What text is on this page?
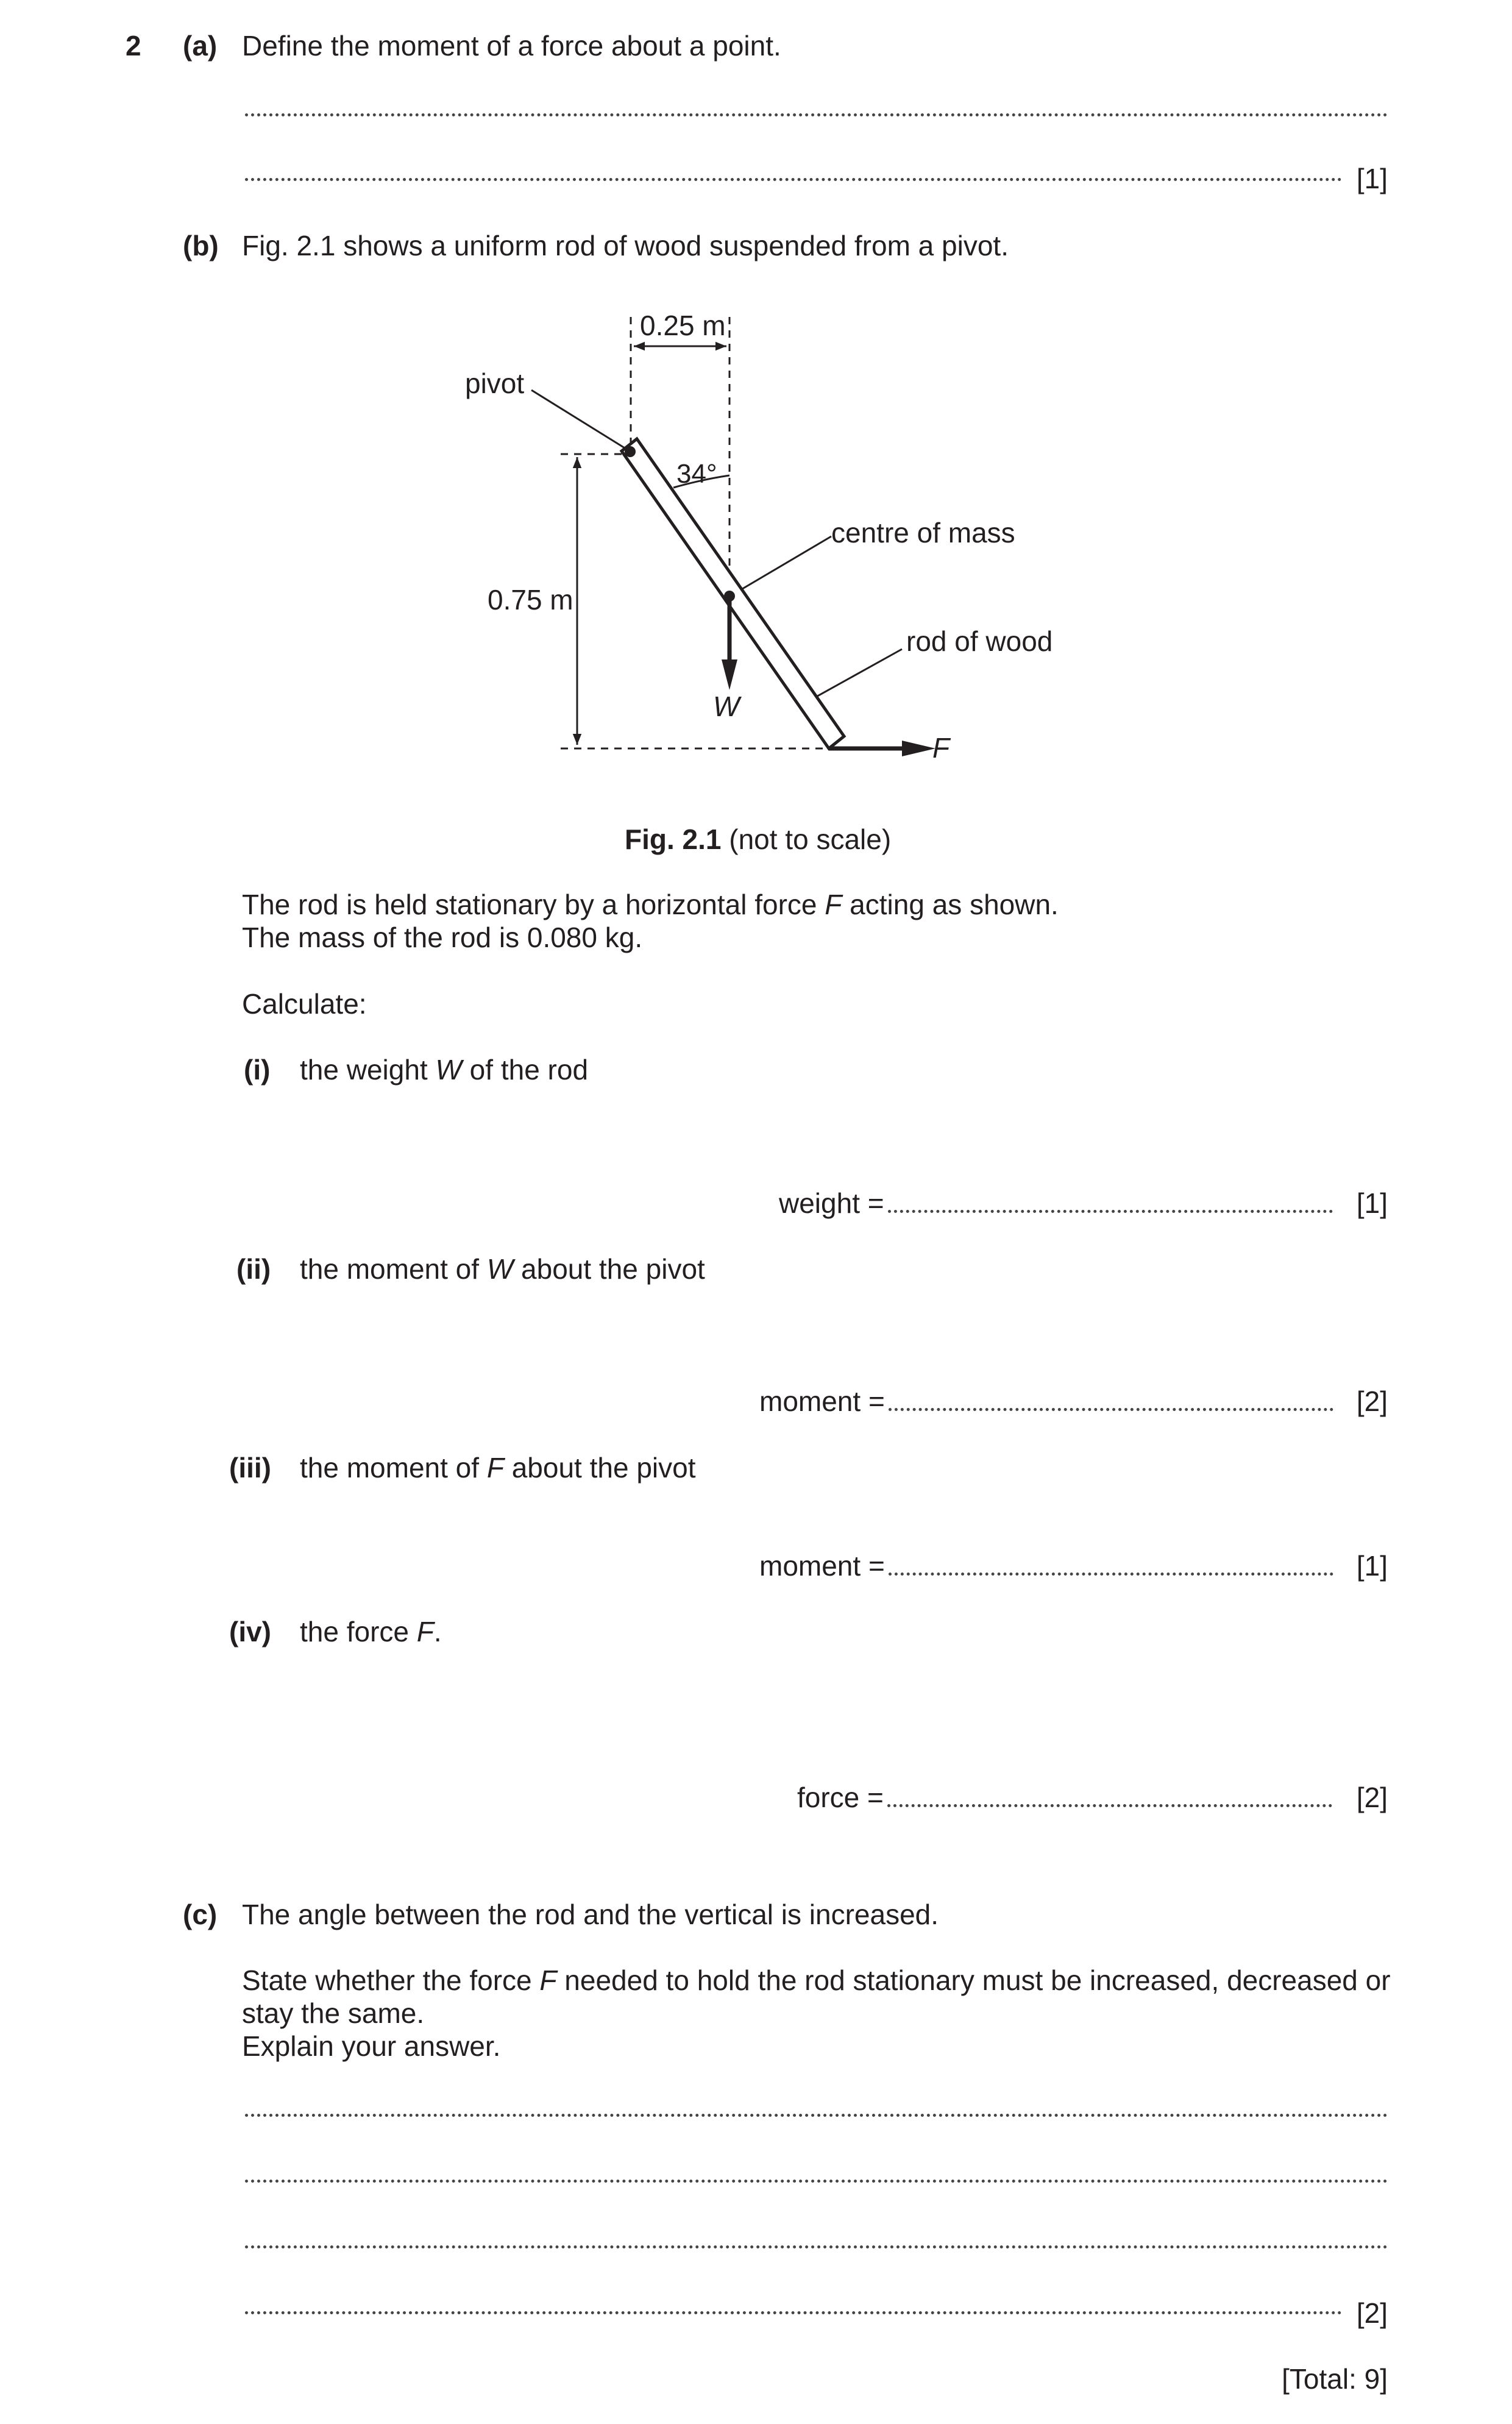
2 (a) Define the moment of a force about a point.
[1]
(b) Fig. 2.1 shows a uniform rod of wood suspended from a pivot.
0.25 m
pivot
34°
centre of mass
0.75 m
rod of wood
W
F
Fig. 2.1 (not to scale)
The rod is held stationary by a horizontal force F acting as shown.
The mass of the rod is 0.080 kg.
Calculate:
(i) the weight W of the rod
weight =	[1]
(ii) the moment of W about the pivot
moment =	[2]
(iii) the moment of F about the pivot
moment =	[1]
(iv) the force F.
force =	[2]
(c) The angle between the rod and the vertical is increased.
State whether the force F needed to hold the rod stationary must be increased, decreased or
stay the same.
Explain your answer.
[2]
[Total: 9]
